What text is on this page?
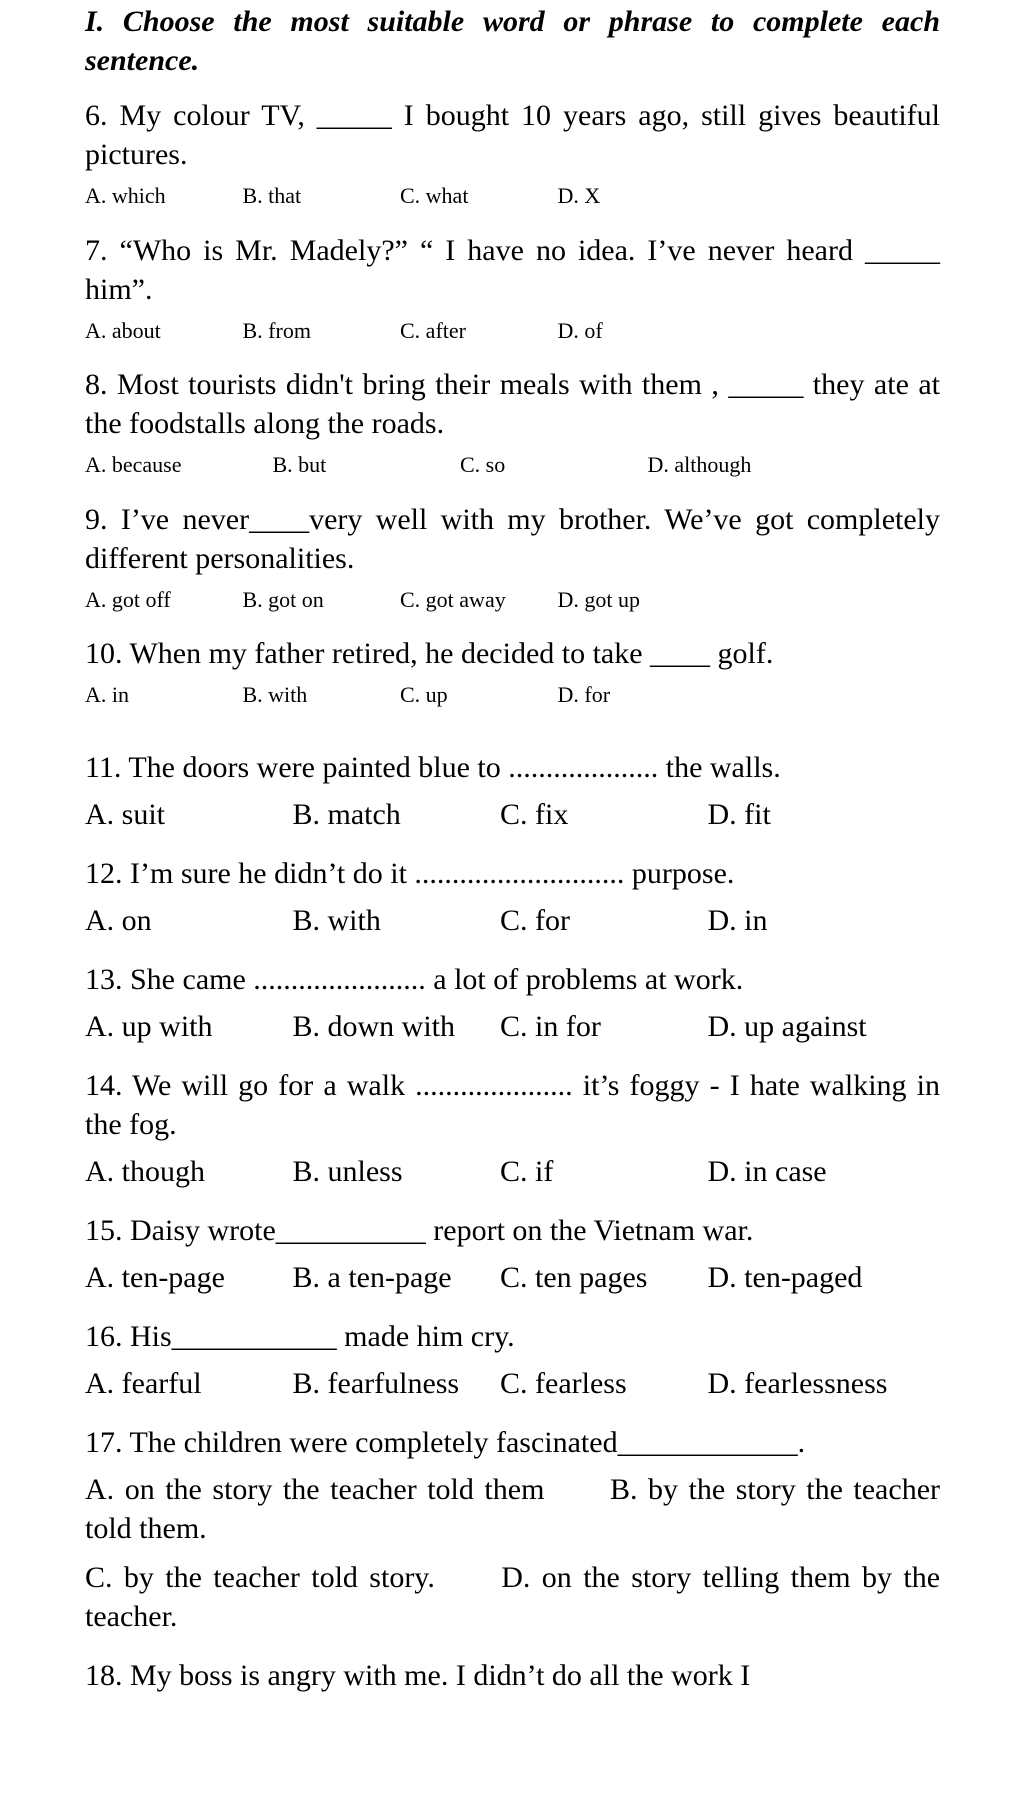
I. Choose the most suitable word or phrase to complete each sentence.

6. My colour TV, _____ I bought 10 years ago, still gives beautiful pictures.

A. which	B. that	C. what	D. X

7. “Who is Mr. Madely?” “ I have no idea. I’ve never heard _____ him”.

A. about	B. from	C. after	D. of

8. Most tourists didn't bring their meals with them , _____ they ate at the foodstalls along the roads.

A. because	B. but	C. so	D. although

9. I’ve never____very well with my brother. We’ve got completely different personalities.

A. got off	B. got on	C. got away D. got up

10. When my father retired, he decided to take ____ golf.

A. in	B. with	C. up	D. for

11. The doors were painted blue to .................... the walls.

A. suit	B. match	C. fix	D. fit

12. I’m sure he didn’t do it ............................ purpose.

A. on	B. with	C. for	D. in

13. She came ....................... a lot of problems at work.

A. up with	B. down with C. in for	D. up against

14. We will go for a walk ..................... it’s foggy - I hate walking in the fog.

A. though	B. unless	C. if	D. in case

15. Daisy wrote__________ report on the Vietnam war.

A. ten-page B. a ten-page C. ten pages D. ten-paged

16. His___________ made him cry.

A. fearful	B. fearfulness C. fearless	D. fearlessness

17. The children were completely fascinated____________.

A. on the story the teacher told them B. by the story the teacher told them.

C. by the teacher told story. D. on the story telling them by the teacher.

18. My boss is angry with me. I didn’t do all the work I
